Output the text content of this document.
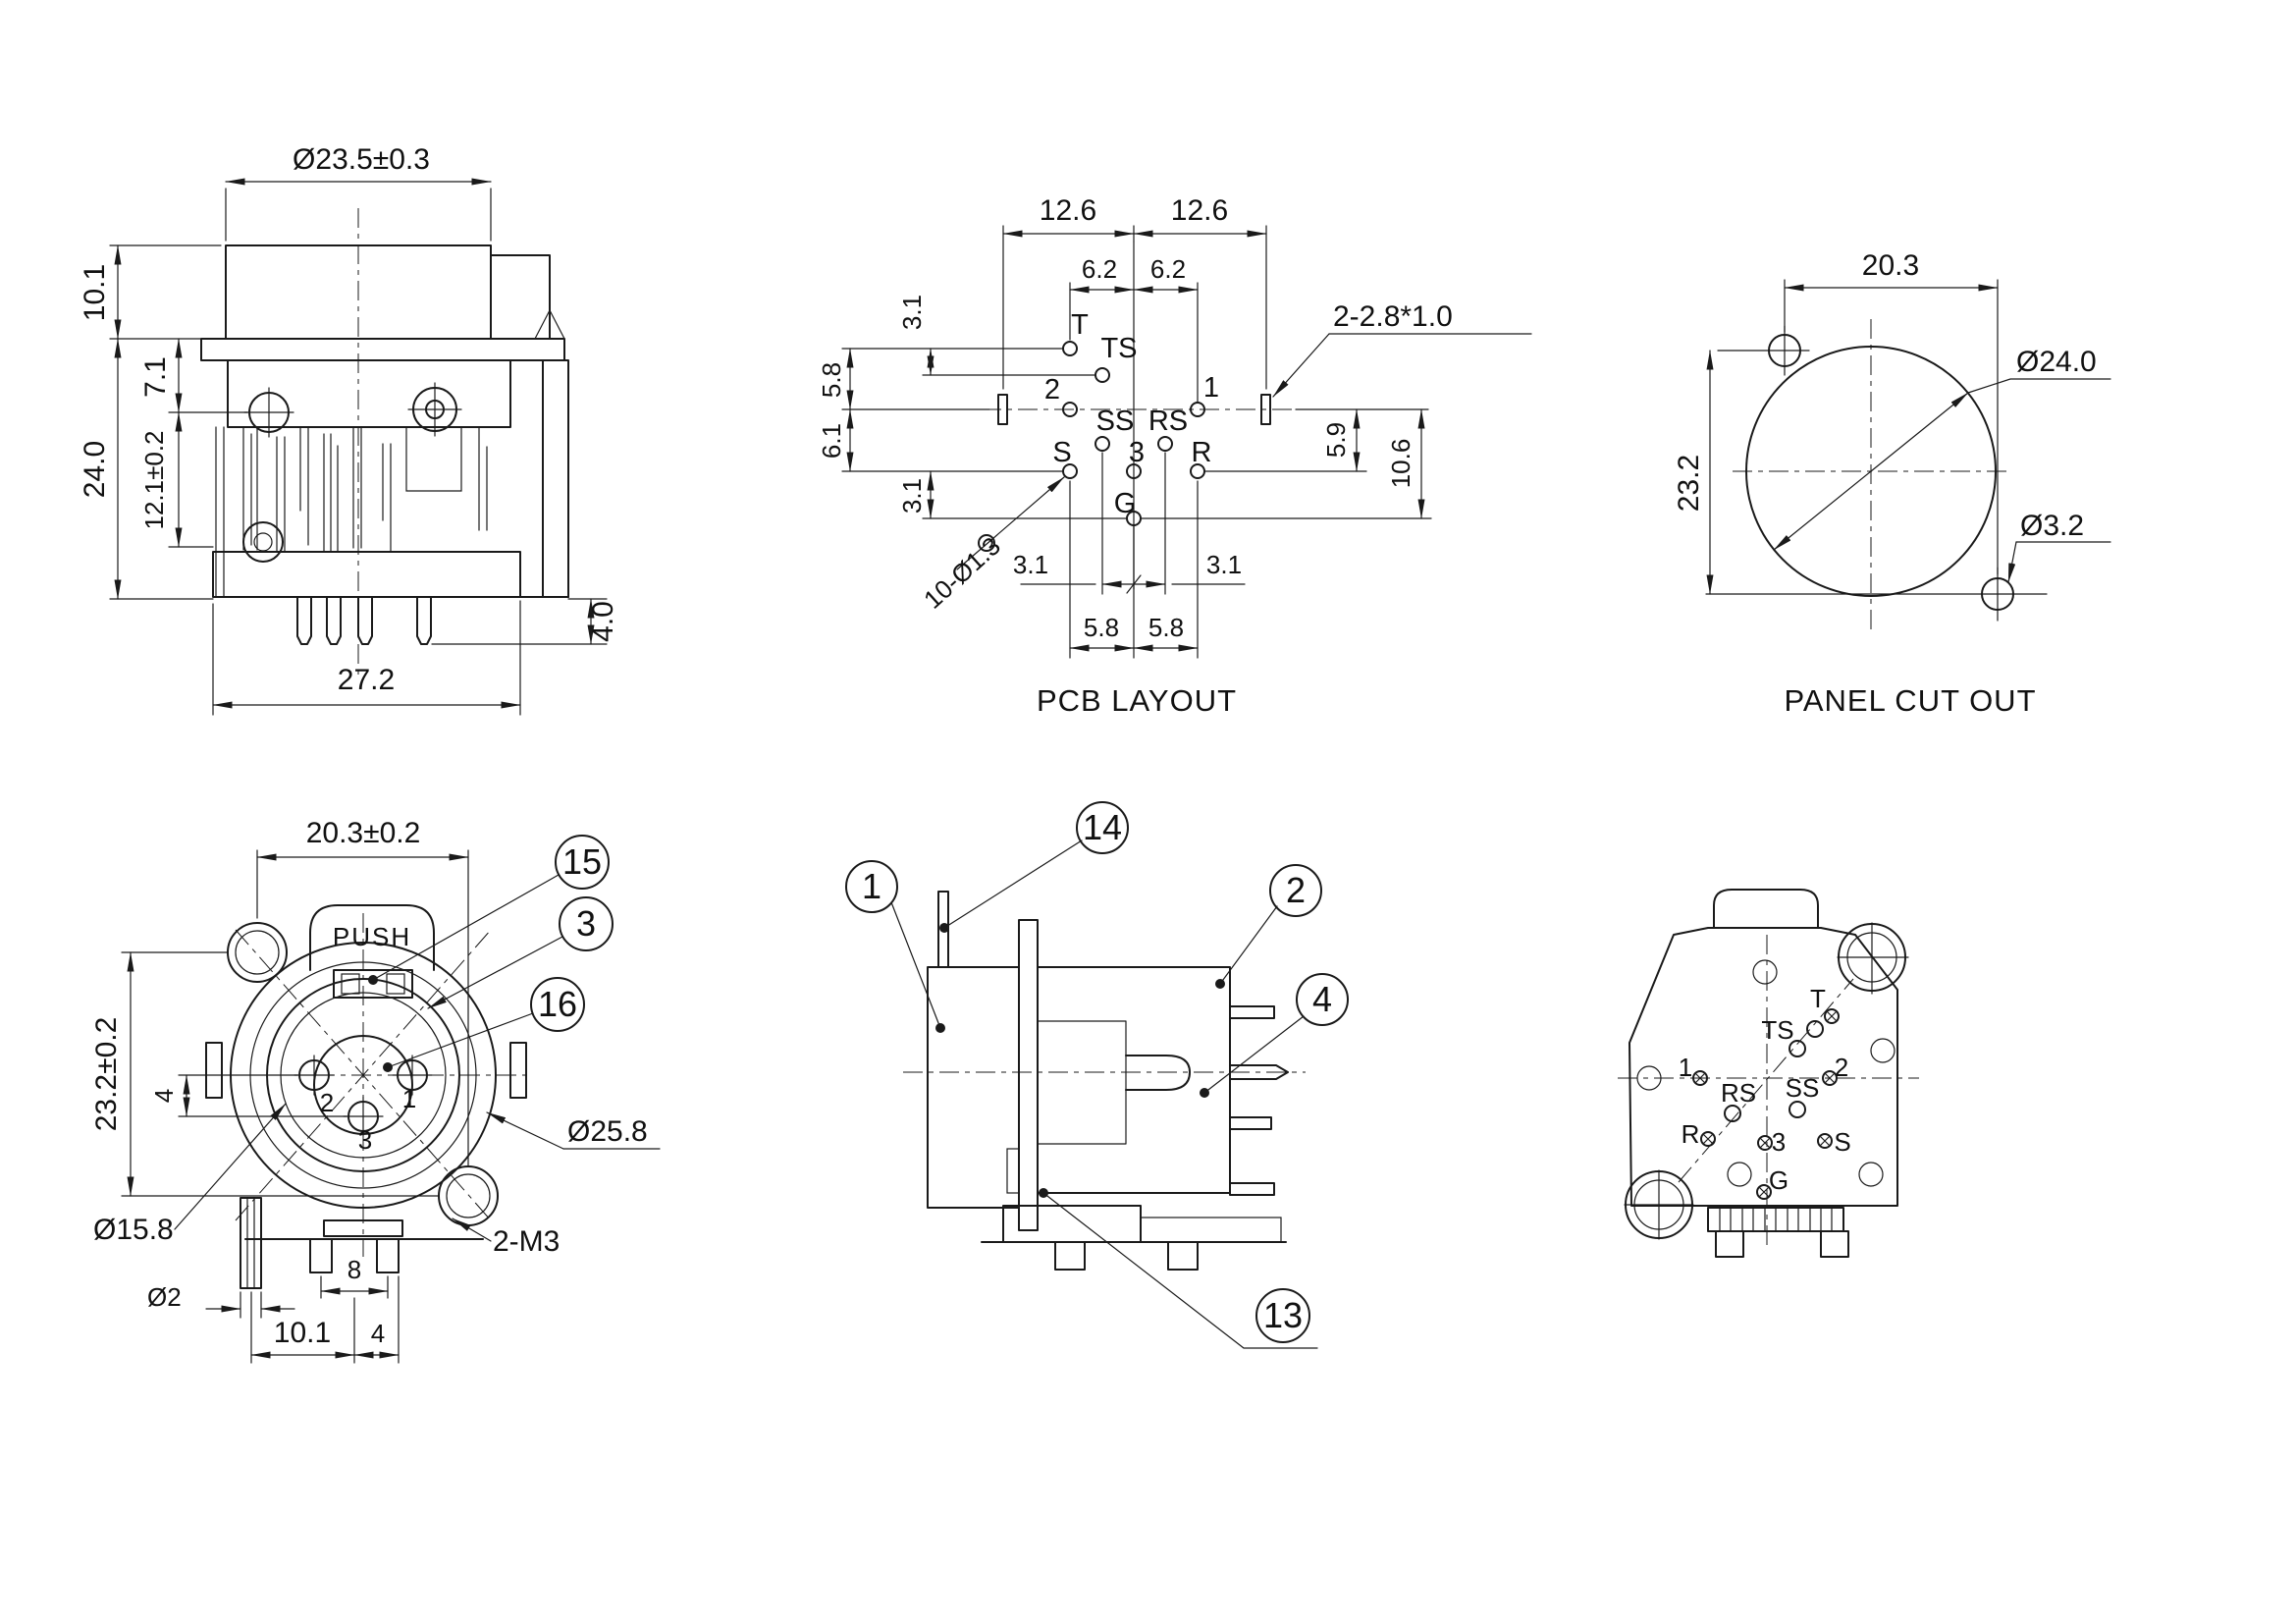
Ø23.5±0.3
10.1
7.1
24.0 12.1±0.2
4.0
27.2
12.6	12.6
6.2 6.2
3.1
5.8
6.1
3.1
5.9 10.6
3.1	3.1
5.8 5.8
2-2.8*1.0
10-Ø1.3
T
TS
2	1
SS RS
S 3 R
G
PCB LAYOUT
20.3
23.2
Ø24.0
Ø3.2
PANEL CUT OUT
PUSH
20.3±0.2
23.2±0.2 4
Ø25.8
Ø15.8	2-M3
Ø2
8
10.1 4
2	1
3
15
3
16
1
14
2
4
13
T
TS
1	2
RS SS
R	3 S
G
